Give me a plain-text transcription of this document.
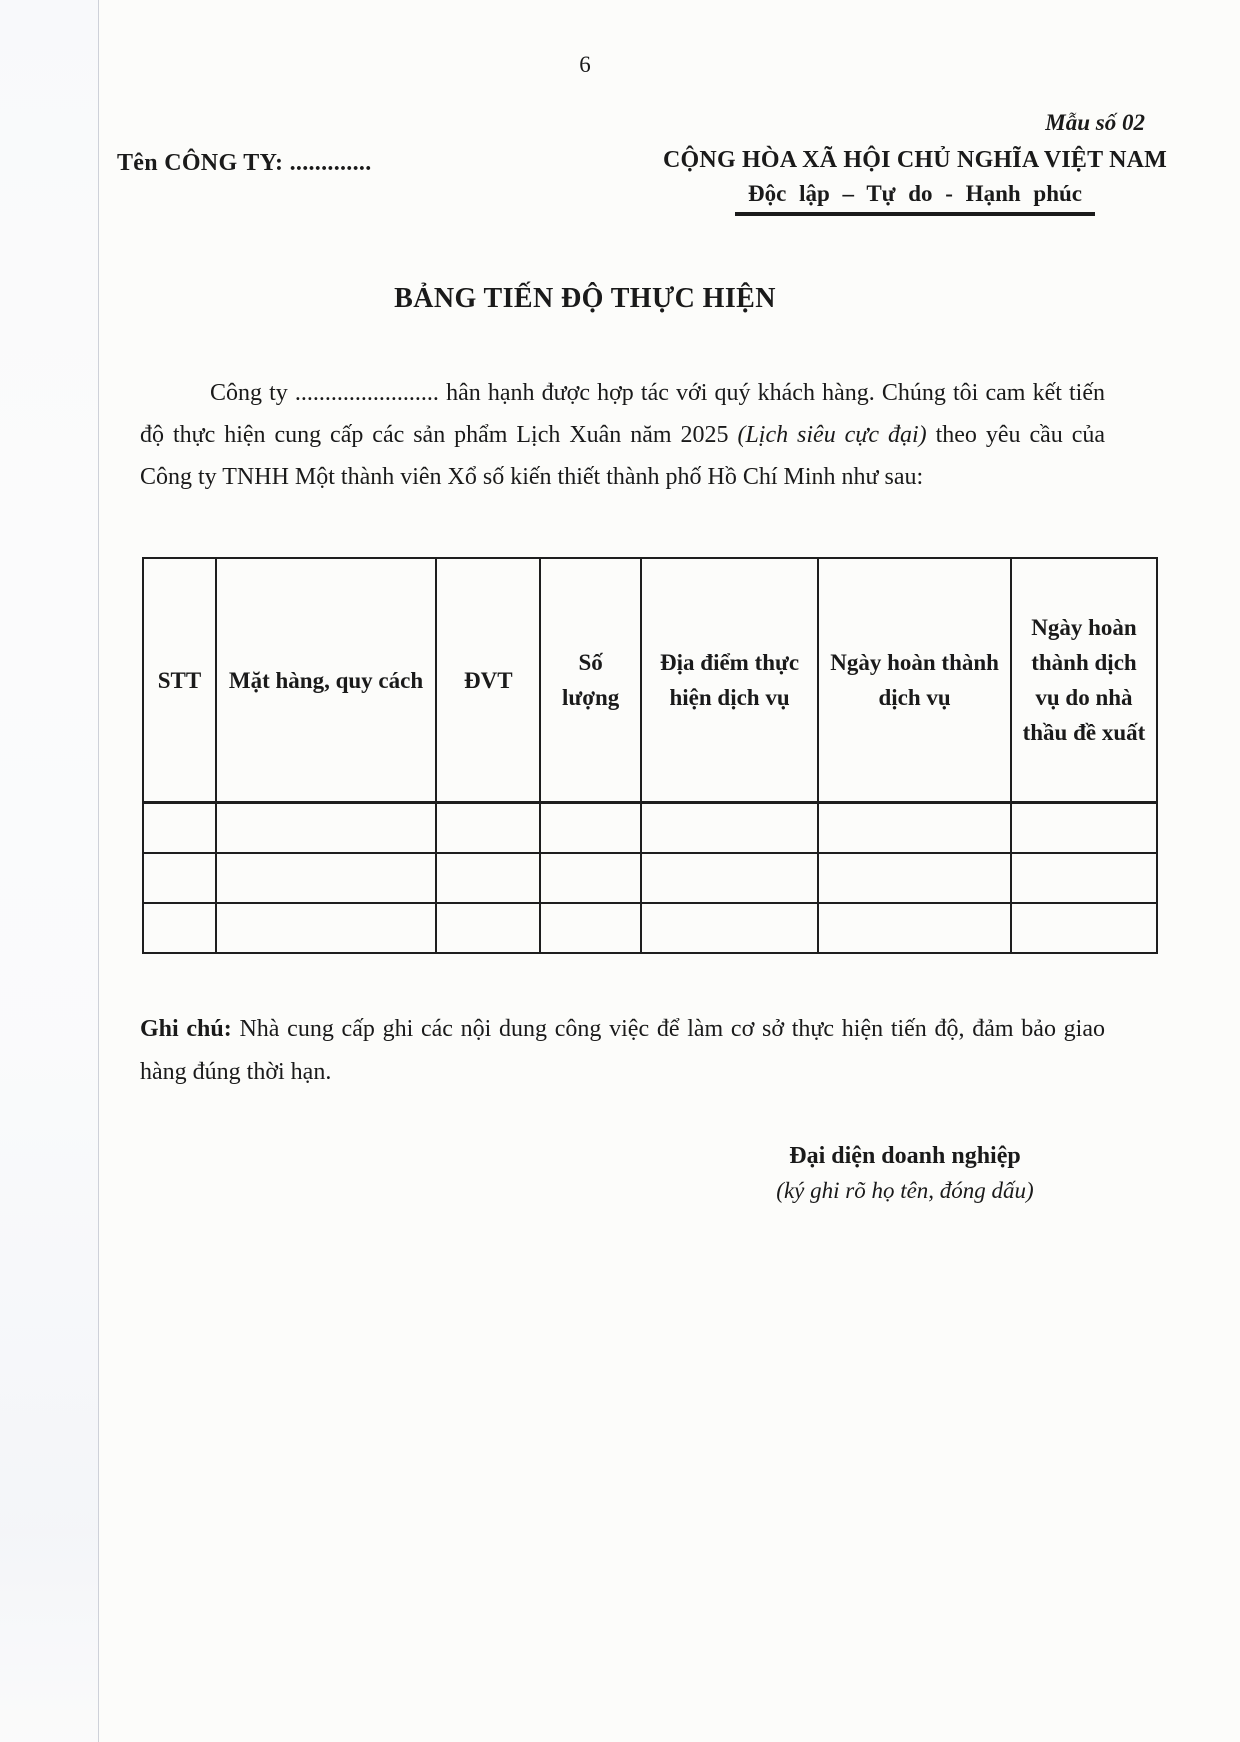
6
Mẫu số 02
Tên CÔNG TY: .............	CỘNG HÒA XÃ HỘI CHỦ NGHĨA VIỆT NAM
Độc lập – Tự do - Hạnh phúc
BẢNG TIẾN ĐỘ THỰC HIỆN

Công ty ........................ hân hạnh được hợp tác với quý khách hàng. Chúng tôi cam kết tiến độ thực hiện cung cấp các sản phẩm Lịch Xuân năm 2025 (Lịch siêu cực đại) theo yêu cầu của Công ty TNHH Một thành viên Xổ số kiến thiết thành phố Hồ Chí Minh như sau:

STT	Mặt hàng, quy cách	ĐVT	Số lượng	Địa điểm thực hiện dịch vụ	Ngày hoàn thành dịch vụ	Ngày hoàn thành dịch vụ do nhà thầu đề xuất

Ghi chú: Nhà cung cấp ghi các nội dung công việc để làm cơ sở thực hiện tiến độ, đảm bảo giao hàng đúng thời hạn.

Đại diện doanh nghiệp
(ký ghi rõ họ tên, đóng dấu)
